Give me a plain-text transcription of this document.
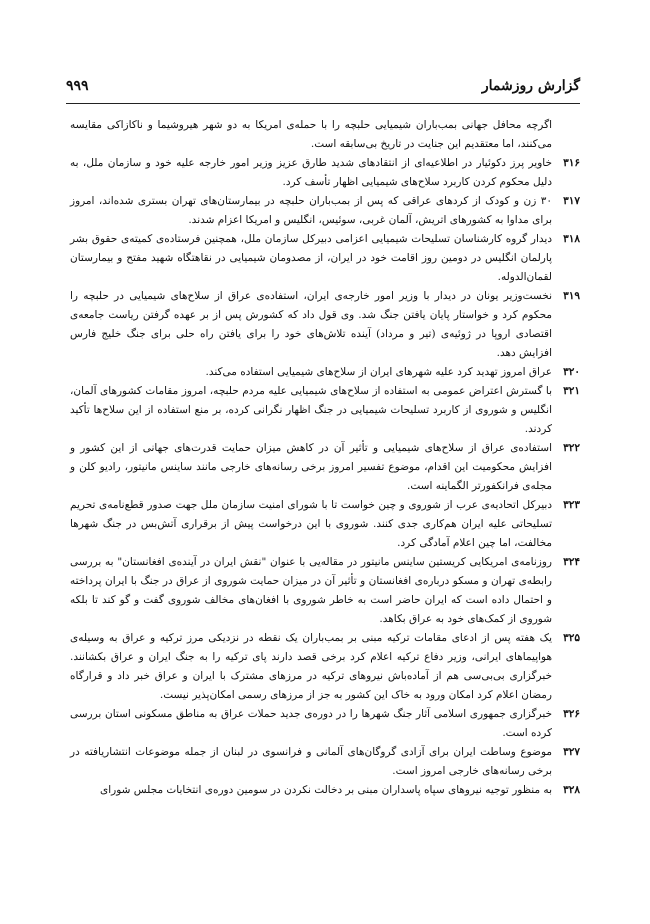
گزارش روزشمار
۹۹۹

اگرچه محافل جهانی بمب‌باران شیمیایی حلبچه را با حمله‌ی امریکا به دو شهر هیروشیما و ناکازاکی مقایسه می‌کنند، اما معتقدیم این جنایت در تاریخ بی‌سابقه است.

۳۱۶
خاویر پرز دکوئیار در اطلاعیه‌ای از انتقادهای شدید طارق عزیز وزیر امور خارجه علیه خود و سازمان ملل، به دلیل محکوم کردن کاربرد سلاح‌های شیمیایی اظهار تأسف کرد.

۳۱۷
۳۰ زن و کودک از کردهای عراقی که پس از بمب‌باران حلبچه در بیمارستان‌های تهران بستری شده‌اند، امروز برای مداوا به کشورهای اتریش، آلمان غربی، سوئیس، انگلیس و امریکا اعزام شدند.

۳۱۸
دیدار گروه کارشناسان تسلیحات شیمیایی اعزامی دبیرکل سازمان ملل، همچنین فرستاده‌ی کمیته‌ی حقوق بشر پارلمان انگلیس در دومین روز اقامت خود در ایران، از مصدومان شیمیایی در نقاهتگاه شهید مفتح و بیمارستان لقمان‌الدوله.

۳۱۹
نخست‌وزیر یونان در دیدار با وزیر امور خارجه‌ی ایران، استفاده‌ی عراق از سلاح‌های شیمیایی در حلبچه را محکوم کرد و خواستار پایان یافتن جنگ شد. وی قول داد که کشورش پس از بر عهده گرفتن ریاست جامعه‌ی اقتصادی اروپا در ژوئیه‌ی (تیر و مرداد) آینده تلاش‌های خود را برای یافتن راه حلی برای جنگ خلیج فارس افزایش دهد.

۳۲۰
عراق امروز تهدید کرد علیه شهرهای ایران از سلاح‌های شیمیایی استفاده می‌کند.

۳۲۱
با گسترش اعتراض عمومی به استفاده از سلاح‌های شیمیایی علیه مردم حلبچه، امروز مقامات کشورهای آلمان، انگلیس و شوروی از کاربرد تسلیحات شیمیایی در جنگ اظهار نگرانی کرده، بر منع استفاده از این سلاح‌ها تأکید کردند.

۳۲۲
استفاده‌ی عراق از سلاح‌های شیمیایی و تأثیر آن در کاهش میزان حمایت قدرت‌های جهانی از این کشور و افزایش محکومیت این اقدام، موضوع تفسیر امروز برخی رسانه‌های خارجی مانند ساینس مانیتور، رادیو کلن و مجله‌ی فرانکفورتر الگماینه است.

۳۲۳
دبیرکل اتحادیه‌ی عرب از شوروی و چین خواست تا با شورای امنیت سازمان ملل جهت صدور قطع‌نامه‌ی تحریم تسلیحاتی علیه ایران هم‌کاری جدی کنند. شوروی با این درخواست پیش از برقراری آتش‌بس در جنگ شهرها مخالفت، اما چین اعلام آمادگی کرد.

۳۲۴
روزنامه‌ی امریکایی کریستین ساینس مانیتور در مقاله‌یی با عنوان "نقش ایران در آینده‌ی افغانستان" به بررسی رابطه‌ی تهران و مسکو درباره‌ی افغانستان و تأثیر آن در میزان حمایت شوروی از عراق در جنگ با ایران پرداخته و احتمال داده است که ایران حاضر است به خاطر شوروی با افغان‌های مخالف شوروی گفت و گو کند تا بلکه شوروی از کمک‌های خود به عراق بکاهد.

۳۲۵
یک هفته پس از ادعای مقامات ترکیه مبنی بر بمب‌باران یک نقطه در نزدیکی مرز ترکیه و عراق به وسیله‌ی هواپیماهای ایرانی، وزیر دفاع ترکیه اعلام کرد برخی قصد دارند پای ترکیه را به جنگ ایران و عراق بکشانند. خبرگزاری بی‌بی‌سی هم از آماده‌باش نیروهای ترکیه در مرزهای مشترک با ایران و عراق خبر داد و قرارگاه رمضان اعلام کرد امکان ورود به خاک این کشور به جز از مرزهای رسمی امکان‌پذیر نیست.

۳۲۶
خبرگزاری جمهوری اسلامی آثار جنگ شهرها را در دوره‌ی جدید حملات عراق به مناطق مسکونی استان بررسی کرده است.

۳۲۷
موضوع وساطت ایران برای آزادی گروگان‌های آلمانی و فرانسوی در لبنان از جمله موضوعات انتشاریافته در برخی رسانه‌های خارجی امروز است.

۳۲۸
به منظور توجیه نیروهای سپاه پاسداران مبنی بر دخالت نکردن در سومین دوره‌ی انتخابات مجلس شورای
